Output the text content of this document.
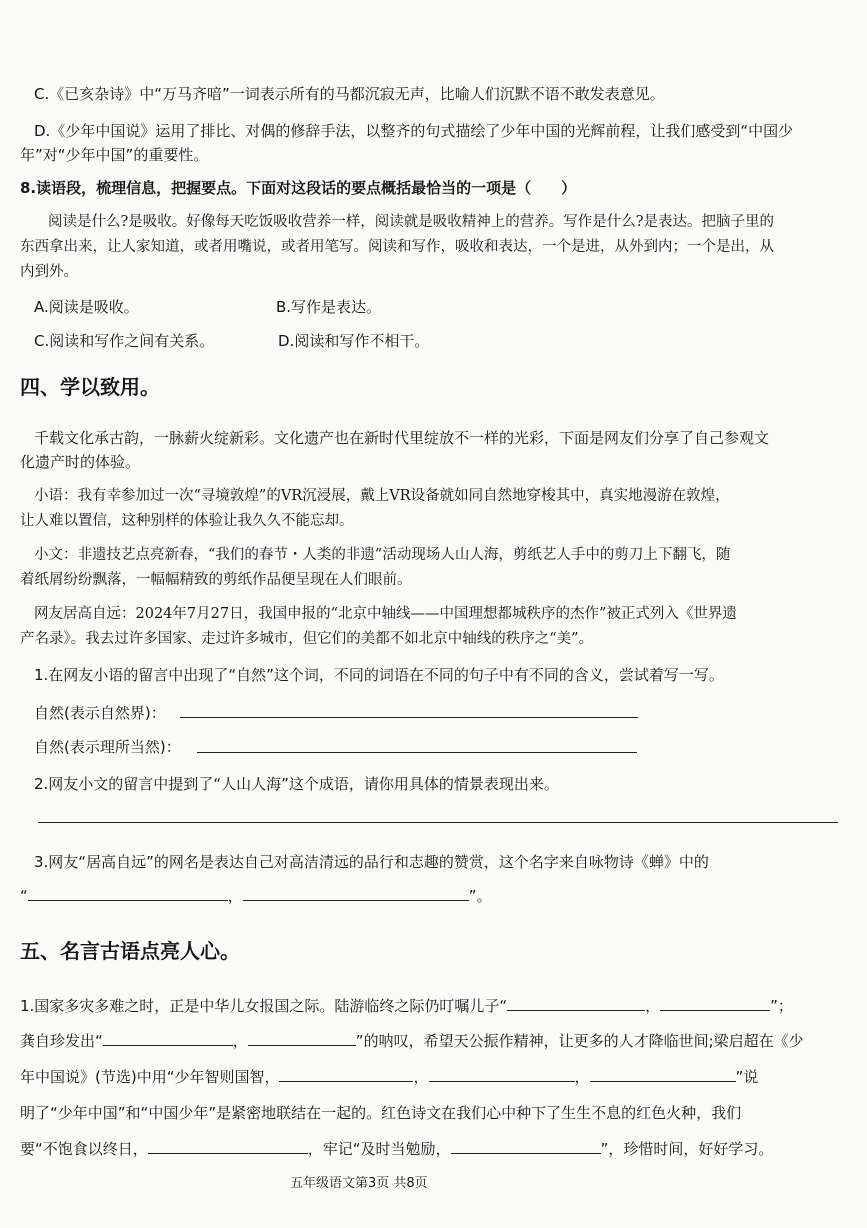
C.《已亥杂诗》中“万马齐喑”一词表示所有的马都沉寂无声，比喻人们沉默不语不敢发表意见。
D.《少年中国说》运用了排比、对偶的修辞手法，以整齐的句式描绘了少年中国的光辉前程，让我们感受到“中国少
年”对“少年中国”的重要性。
8.读语段，梳理信息，把握要点。下面对这段话的要点概括最恰当的一项是（　　）
阅读是什么?是吸收。好像每天吃饭吸收营养一样，阅读就是吸收精神上的营养。写作是什么?是表达。把脑子里的
东西拿出来，让人家知道，或者用嘴说，或者用笔写。阅读和写作，吸收和表达，一个是进，从外到内；一个是出，从
内到外。
A.阅读是吸收。	B.写作是表达。
C.阅读和写作之间有关系。	D.阅读和写作不相干。
四、学以致用。
千载文化承古韵，一脉薪火绽新彩。文化遗产也在新时代里绽放不一样的光彩，下面是网友们分享了自己参观文
化遗产时的体验。
小语：我有幸参加过一次“寻境敦煌”的VR沉浸展，戴上VR设备就如同自然地穿梭其中，真实地漫游在敦煌，
让人难以置信，这种别样的体验让我久久不能忘却。
小文：非遗技艺点亮新春，“我们的春节・人类的非遗”活动现场人山人海，剪纸艺人手中的剪刀上下翻飞，随
着纸屑纷纷飘落，一幅幅精致的剪纸作品便呈现在人们眼前。
网友居高自远：2024年7月27日，我国申报的“北京中轴线——中国理想都城秩序的杰作”被正式列入《世界遗
产名录》。我去过许多国家、走过许多城市，但它们的美都不如北京中轴线的秩序之“美”。
1.在网友小语的留言中出现了“自然”这个词，不同的词语在不同的句子中有不同的含义，尝试着写一写。
自然(表示自然界)：
自然(表示理所当然)：
2.网友小文的留言中提到了“人山人海”这个成语，请你用具体的情景表现出来。
3.网友“居高自远”的网名是表达自己对高洁清远的品行和志趣的赞赏，这个名字来自咏物诗《蝉》中的
“	，	”。
五、名言古语点亮人心。
1.国家多灾多难之时，正是中华儿女报国之际。陆游临终之际仍叮嘱儿子“	，	”；
龚自珍发出“	，	”的呐叹，希望天公振作精神，让更多的人才降临世间;梁启超在《少
年中国说》(节选)中用“少年智则国智，	，	，	”说
明了“少年中国”和“中国少年”是紧密地联结在一起的。红色诗文在我们心中种下了生生不息的红色火种，我们
要“不饱食以终日，	，牢记“及时当勉励，	”，珍惜时间，好好学习。
五年级语文第3页 共8页
